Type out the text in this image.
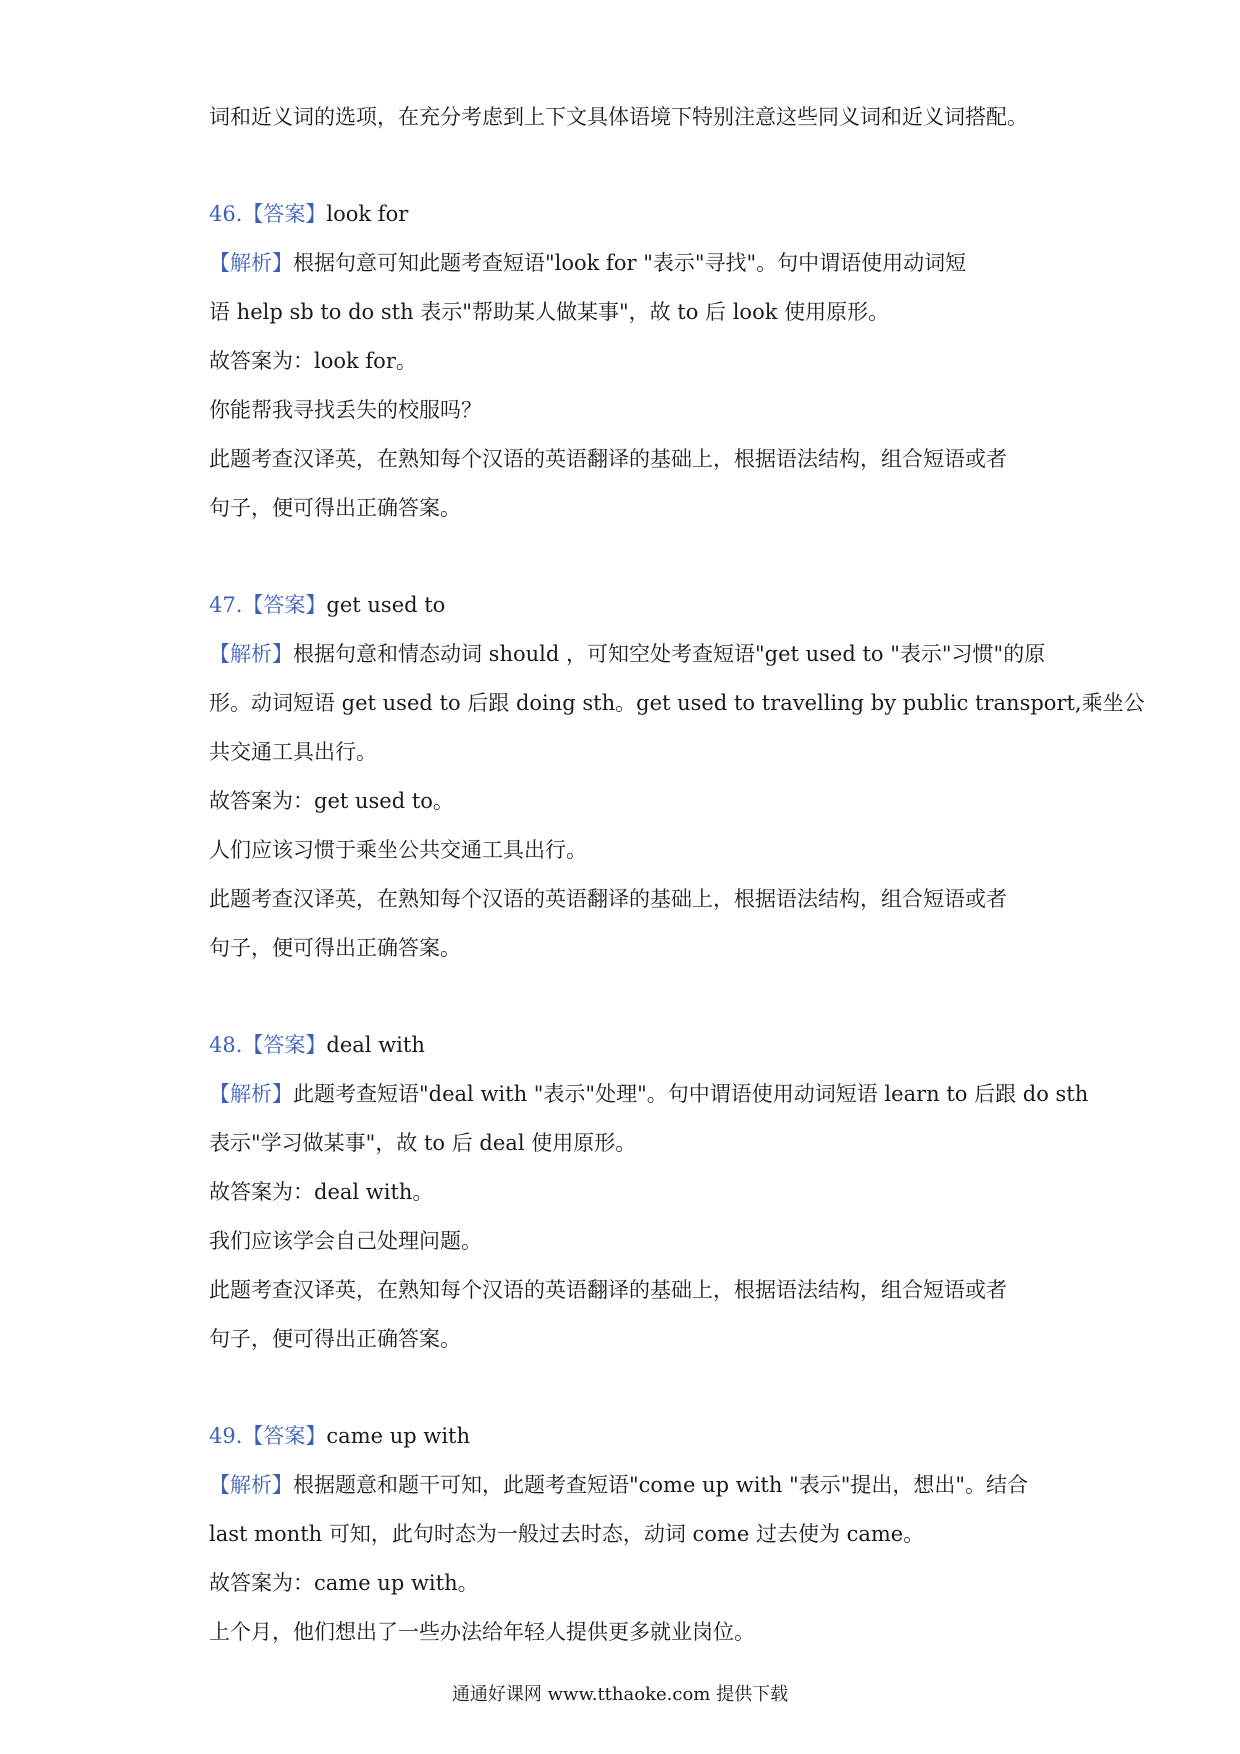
词和近义词的选项，在充分考虑到上下文具体语境下特别注意这些同义词和近义词搭配。
46.【答案】look for
【解析】根据句意可知此题考查短语"look for "表示"寻找"。句中谓语使用动词短
语 help sb to do sth 表示"帮助某人做某事"，故 to 后 look 使用原形。
故答案为：look for。
你能帮我寻找丢失的校服吗？
此题考查汉译英，在熟知每个汉语的英语翻译的基础上，根据语法结构，组合短语或者
句子，便可得出正确答案。
47.【答案】get used to
【解析】根据句意和情态动词 should ，可知空处考查短语"get used to "表示"习惯"的原
形。动词短语 get used to 后跟 doing sth。get used to travelling by public transport,乘坐公
共交通工具出行。
故答案为：get used to。
人们应该习惯于乘坐公共交通工具出行。
此题考查汉译英，在熟知每个汉语的英语翻译的基础上，根据语法结构，组合短语或者
句子，便可得出正确答案。
48.【答案】deal with
【解析】此题考查短语"deal with "表示"处理"。句中谓语使用动词短语 learn to 后跟 do sth
表示"学习做某事"，故 to 后 deal 使用原形。
故答案为：deal with。
我们应该学会自己处理问题。
此题考查汉译英，在熟知每个汉语的英语翻译的基础上，根据语法结构，组合短语或者
句子，便可得出正确答案。
49.【答案】came up with
【解析】根据题意和题干可知，此题考查短语"come up with "表示"提出，想出"。结合
last month 可知，此句时态为一般过去时态，动词 come 过去使为 came。
故答案为：came up with。
上个月，他们想出了一些办法给年轻人提供更多就业岗位。
通通好课网 www.tthaoke.com 提供下载
